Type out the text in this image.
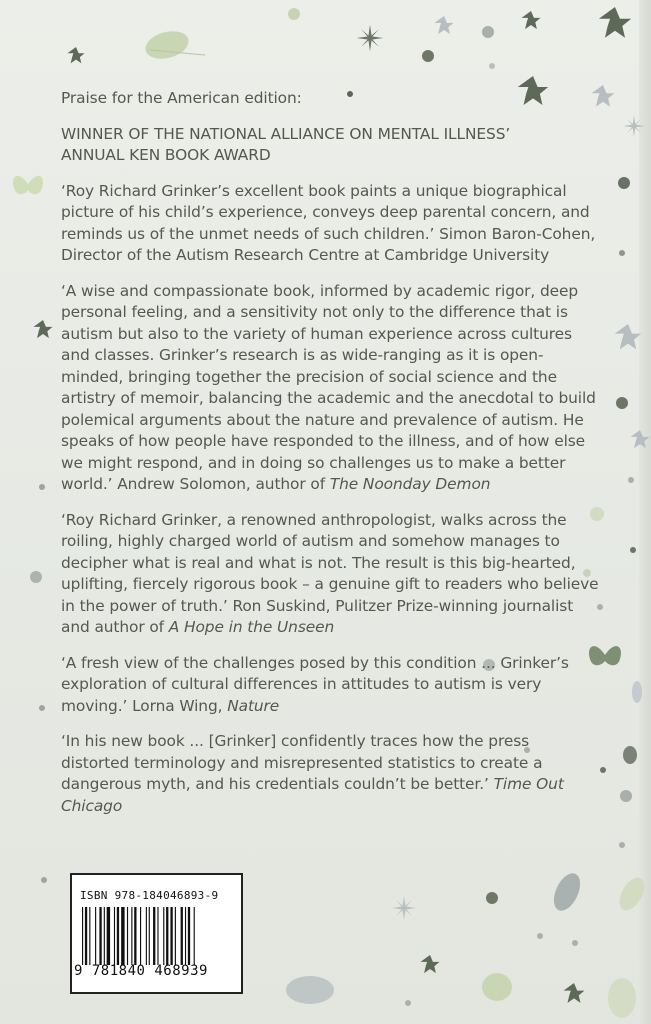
Praise for the American edition:

WINNER OF THE NATIONAL ALLIANCE ON MENTAL ILLNESS’
ANNUAL KEN BOOK AWARD

‘Roy Richard Grinker’s excellent book paints a unique biographical picture of his child’s experience, conveys deep parental concern, and reminds us of the unmet needs of such children.’ Simon Baron-Cohen, Director of the Autism Research Centre at Cambridge University

‘A wise and compassionate book, informed by academic rigor, deep personal feeling, and a sensitivity not only to the difference that is autism but also to the variety of human experience across cultures and classes. Grinker’s research is as wide-ranging as it is open-minded, bringing together the precision of social science and the artistry of memoir, balancing the academic and the anecdotal to build polemical arguments about the nature and prevalence of autism. He speaks of how people have responded to the illness, and of how else we might respond, and in doing so challenges us to make a better world.’ Andrew Solomon, author of The Noonday Demon

‘Roy Richard Grinker, a renowned anthropologist, walks across the roiling, highly charged world of autism and somehow manages to decipher what is real and what is not. The result is this big-hearted, uplifting, fiercely rigorous book – a genuine gift to readers who believe in the power of truth.’ Ron Suskind, Pulitzer Prize-winning journalist and author of A Hope in the Unseen

‘A fresh view of the challenges posed by this condition ... Grinker’s exploration of cultural differences in attitudes to autism is very moving.’ Lorna Wing, Nature

‘In his new book ... [Grinker] confidently traces how the press distorted terminology and misrepresented statistics to create a dangerous myth, and his credentials couldn’t be better.’ Time Out Chicago

ISBN 978-184046893-9
9 781840 468939
